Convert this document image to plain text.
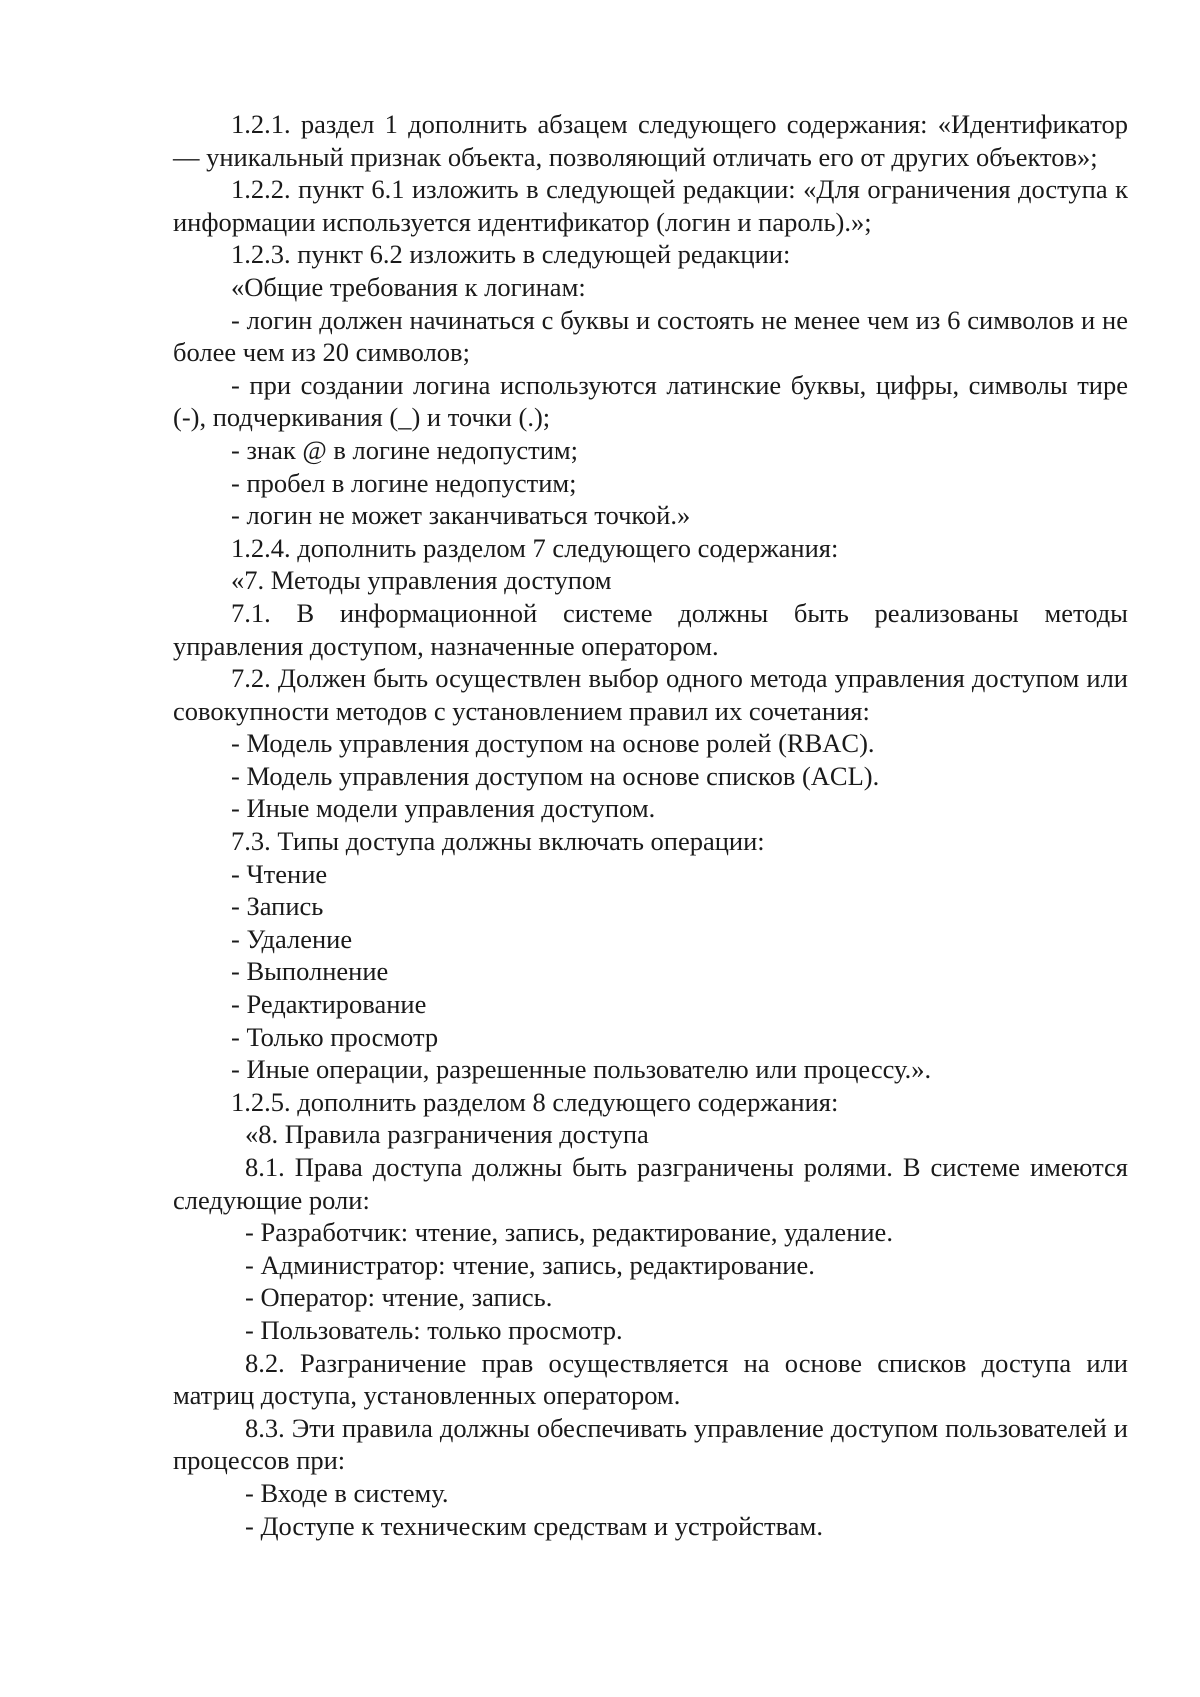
1.2.1. раздел 1 дополнить абзацем следующего содержания: «Идентификатор — уникальный признак объекта, позволяющий отличать его от других объектов»;

1.2.2. пункт 6.1 изложить в следующей редакции: «Для ограничения доступа к информации используется идентификатор (логин и пароль).»;

1.2.3. пункт 6.2 изложить в следующей редакции:

«Общие требования к логинам:

- логин должен начинаться с буквы и состоять не менее чем из 6 символов и не более чем из 20 символов;

- при создании логина используются латинские буквы, цифры, символы тире (-), подчеркивания (_) и точки (.);

- знак @ в логине недопустим;

- пробел в логине недопустим;

- логин не может заканчиваться точкой.»

1.2.4. дополнить разделом 7 следующего содержания:

«7. Методы управления доступом

7.1. В информационной системе должны быть реализованы методы управления доступом, назначенные оператором.

7.2. Должен быть осуществлен выбор одного метода управления доступом или совокупности методов с установлением правил их сочетания:

- Модель управления доступом на основе ролей (RBAC).

- Модель управления доступом на основе списков (ACL).

- Иные модели управления доступом.

7.3. Типы доступа должны включать операции:

- Чтение

- Запись

- Удаление

- Выполнение

- Редактирование

- Только просмотр

- Иные операции, разрешенные пользователю или процессу.».

1.2.5. дополнить разделом 8 следующего содержания:

«8. Правила разграничения доступа

8.1. Права доступа должны быть разграничены ролями. В системе имеются следующие роли:

- Разработчик: чтение, запись, редактирование, удаление.

- Администратор: чтение, запись, редактирование.

- Оператор: чтение, запись.

- Пользователь: только просмотр.

8.2. Разграничение прав осуществляется на основе списков доступа или матриц доступа, установленных оператором.

8.3. Эти правила должны обеспечивать управление доступом пользователей и процессов при:

- Входе в систему.

- Доступе к техническим средствам и устройствам.
